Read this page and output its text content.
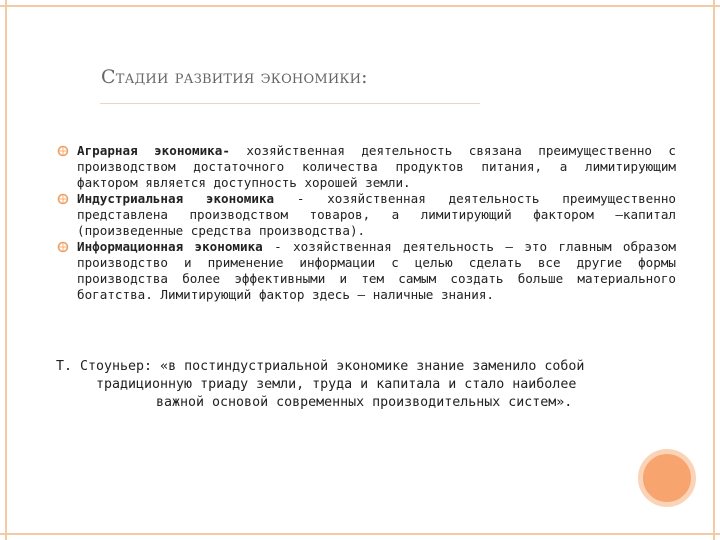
Стадии развития экономики:

Аграрная экономика- хозяйственная деятельность связана преимущественно с производством достаточного количества продуктов питания, а лимитирующим фактором является доступность хорошей земли.

Индустриальная экономика - хозяйственная деятельность преимущественно представлена производством товаров, а лимитирующий фактором –капитал (произведенные средства производства).

Информационная экономика - хозяйственная деятельность – это главным образом производство и применение информации с целью сделать все другие формы производства более эффективными и тем самым создать больше материального богатства. Лимитирующий фактор здесь – наличные знания.

Т. Стоуньер: «в постиндустриальной экономике знание заменило собой
традиционную триаду земли, труда и капитала и стало наиболее
важной основой современных производительных систем».
